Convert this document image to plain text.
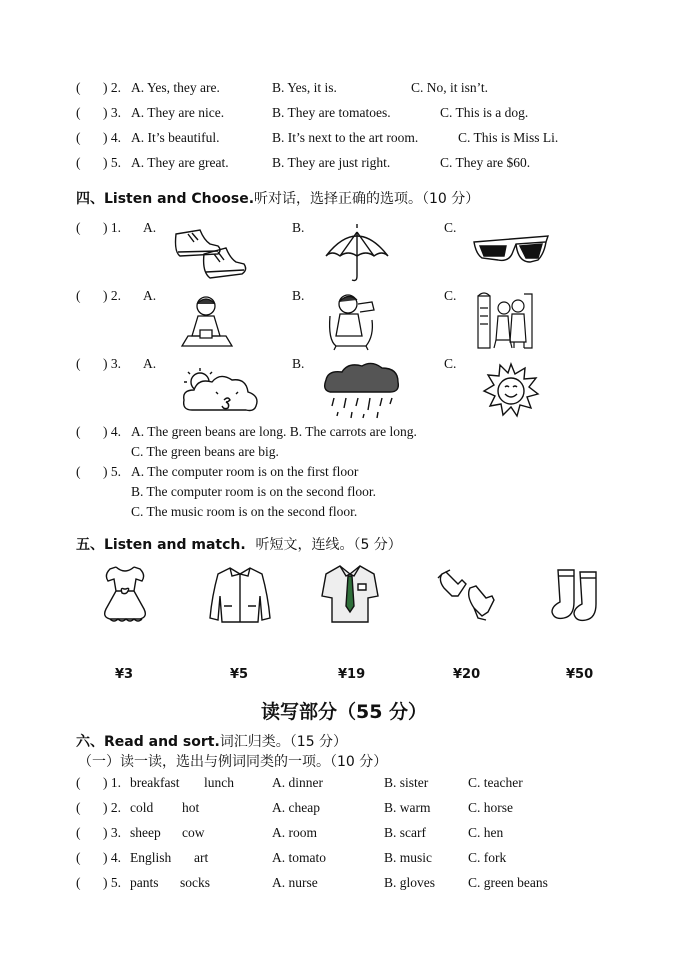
( ) 2. A. Yes, they are.	B. Yes, it is.	C. No, it isn’t.
( ) 3. A. They are nice.	B. They are tomatoes.	C. This is a dog.
( ) 4. A. It’s beautiful.	B. It’s next to the art room.	C. This is Miss Li.
( ) 5. A. They are great.	B. They are just right.	C. They are $60.
四、Listen and Choose.听对话，选择正确的选项。（10 分）
( ) 1. A.	B.	C.
( ) 2. A.	B.	C.
( ) 3. A.	B.	C.
( ) 4. A. The green beans are long. B. The carrots are long.
C. The green beans are big.
( ) 5. A. The computer room is on the first floor
B. The computer room is on the second floor.
C. The music room is on the second floor.
五、Listen and match. 听短文，连线。（5 分）
¥3	¥5	¥19	¥20	¥50
读写部分（55 分）
六、Read and sort.词汇归类。（15 分）
（一）读一读，选出与例词同类的一项。（10 分）
( ) 1. breakfast lunch	A. dinner	B. sister	C. teacher
( ) 2. cold hot	A. cheap	B. warm	C. horse
( ) 3. sheep cow	A. room	B. scarf	C. hen
( ) 4. English art	A. tomato	B. music	C. fork
( ) 5. pants socks	A. nurse	B. gloves C. green beans
